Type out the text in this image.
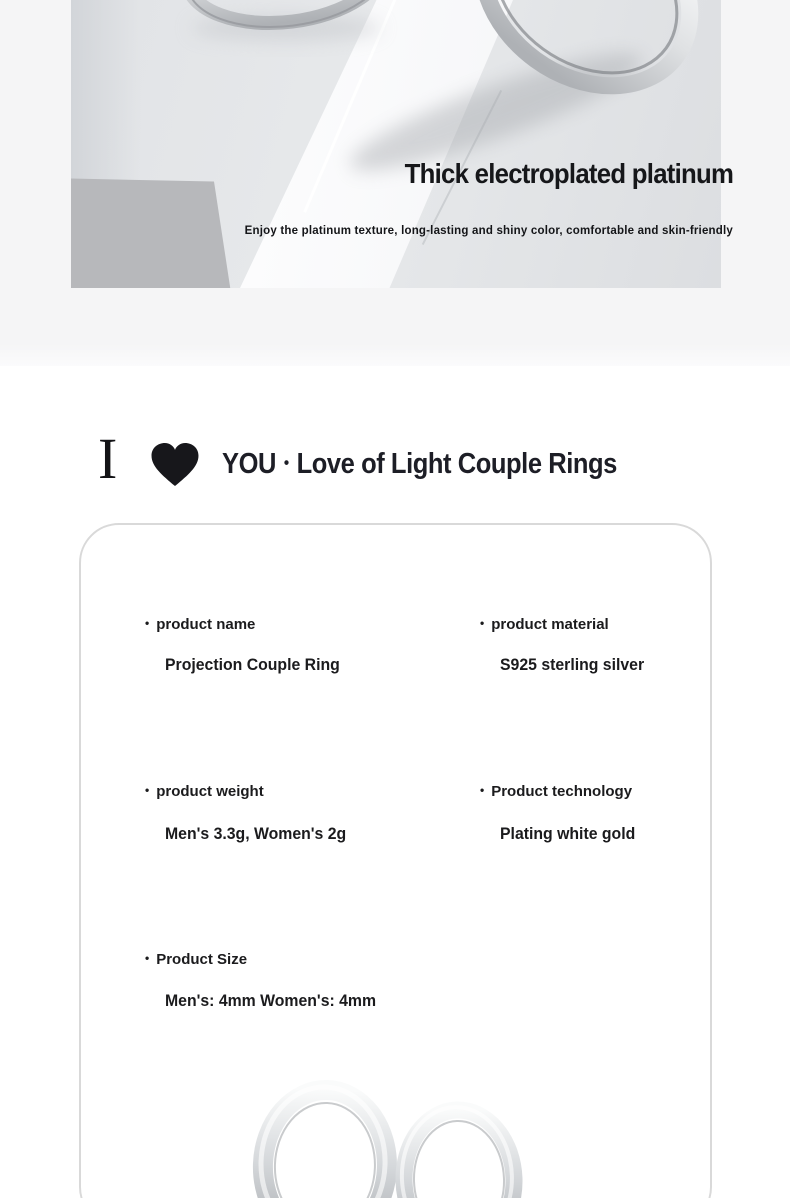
Thick electroplated platinum
Enjoy the platinum texture, long-lasting and shiny color, comfortable and skin-friendly
I	YOU • Love of Light Couple Rings
• product name
Projection Couple Ring
• product material
S925 sterling silver
• product weight
Men's 3.3g, Women's 2g
• Product technology
Plating white gold
• Product Size
Men's: 4mm Women's: 4mm
